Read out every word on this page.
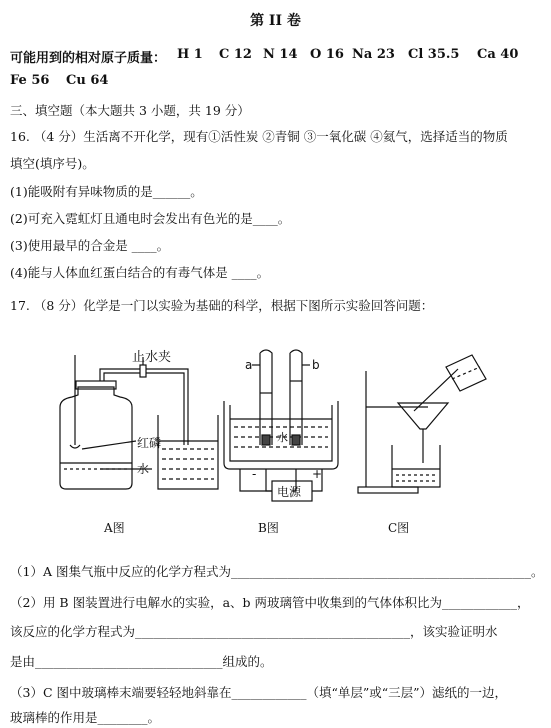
第 II 卷
可能用到的相对原子质量： H 1 C 12 N 14 O 16 Na 23 Cl 35.5 Ca 40
Fe 56 Cu 64
三、填空题（本大题共 3 小题，共 19 分）
16. （4 分）生活离不开化学，现有①活性炭 ②青铜 ③一氧化碳 ④氦气，选择适当的物质
填空(填序号)。
(1)能吸附有异味物质的是______。
(2)可充入霓虹灯且通电时会发出有色光的是____。
(3)使用最早的合金是 ____。
(4)能与人体血红蛋白结合的有毒气体是 ____。
17. （8 分）化学是一门以实验为基础的科学，根据下图所示实验回答问题：
止水夹
红磷
水
a	b
水
电源
-	+
A图	B图	C图
（1）A 图集气瓶中反应的化学方程式为________________________________________________。
（2）用 B 图装置进行电解水的实验，a、b 两玻璃管中收集到的气体体积比为____________，
该反应的化学方程式为____________________________________________，该实验证明水
是由______________________________组成的。
（3）C 图中玻璃棒末端要轻轻地斜靠在____________（填“单层”或“三层”）滤纸的一边，
玻璃棒的作用是________。
